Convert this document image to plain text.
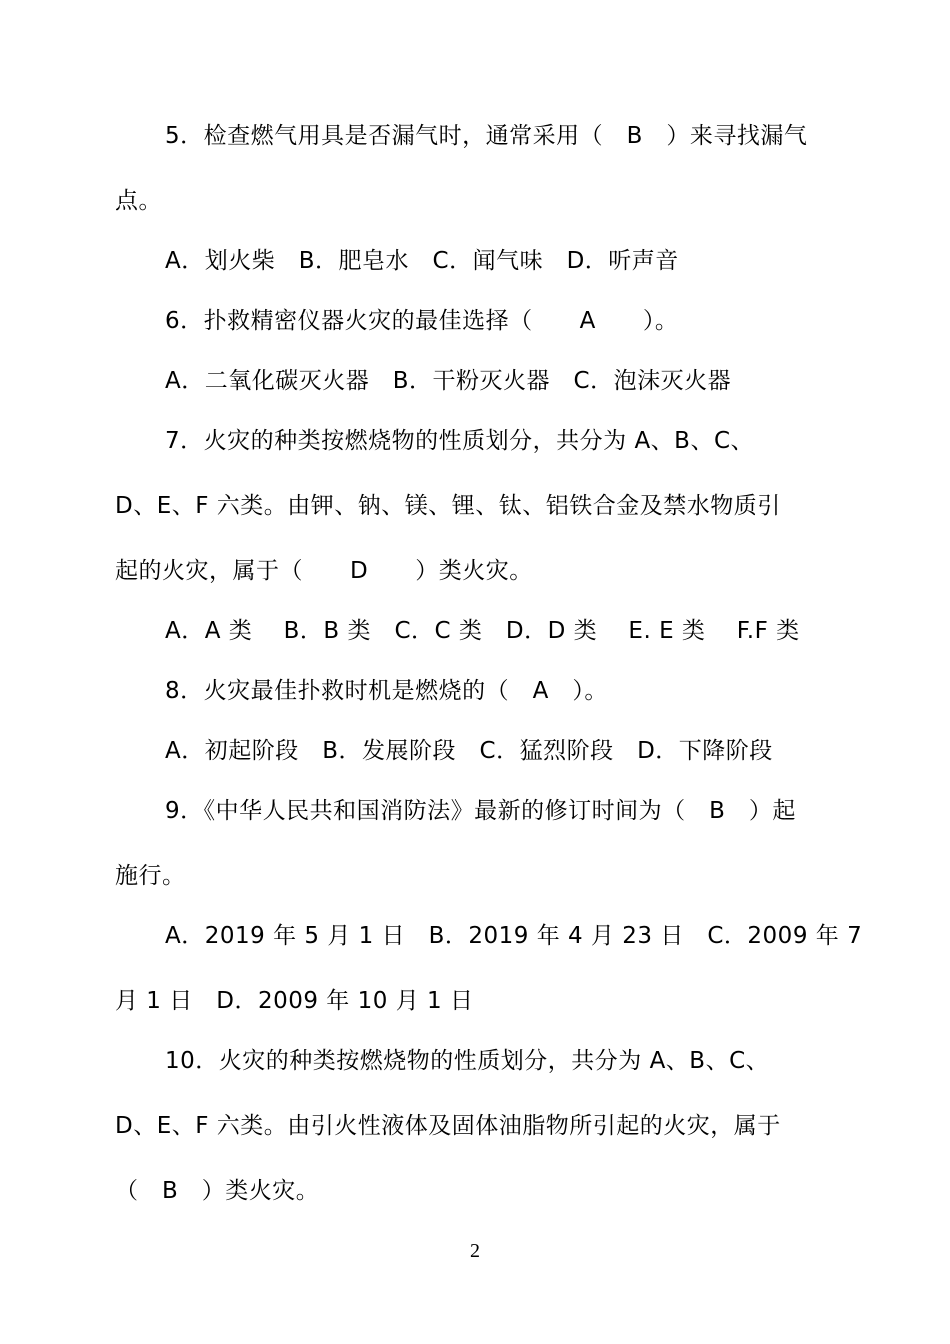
5．检查燃气用具是否漏气时，通常采用（　B　）来寻找漏气
点。
A．划火柴　B．肥皂水　C．闻气味　D．听声音
6．扑救精密仪器火灾的最佳选择（　　A　　）。
A．二氧化碳灭火器　B．干粉灭火器　C．泡沫灭火器
7．火灾的种类按燃烧物的性质划分，共分为 A、B、C、
D、E、F 六类。由钾、钠、镁、锂、钛、铝铁合金及禁水物质引
起的火灾，属于（　　D　　）类火灾。
A．A 类　 B．B 类　C．C 类　D．D 类　 E. E 类　 F.F 类
8．火灾最佳扑救时机是燃烧的（　A　）。
A．初起阶段　B．发展阶段　C．猛烈阶段　D．下降阶段
9．《中华人民共和国消防法》最新的修订时间为（　B　）起
施行。
A．2019 年 5 月 1 日　B．2019 年 4 月 23 日　C．2009 年 7
月 1 日　D．2009 年 10 月 1 日
10．火灾的种类按燃烧物的性质划分，共分为 A、B、C、
D、E、F 六类。由引火性液体及固体油脂物所引起的火灾，属于
（　B　）类火灾。
2
